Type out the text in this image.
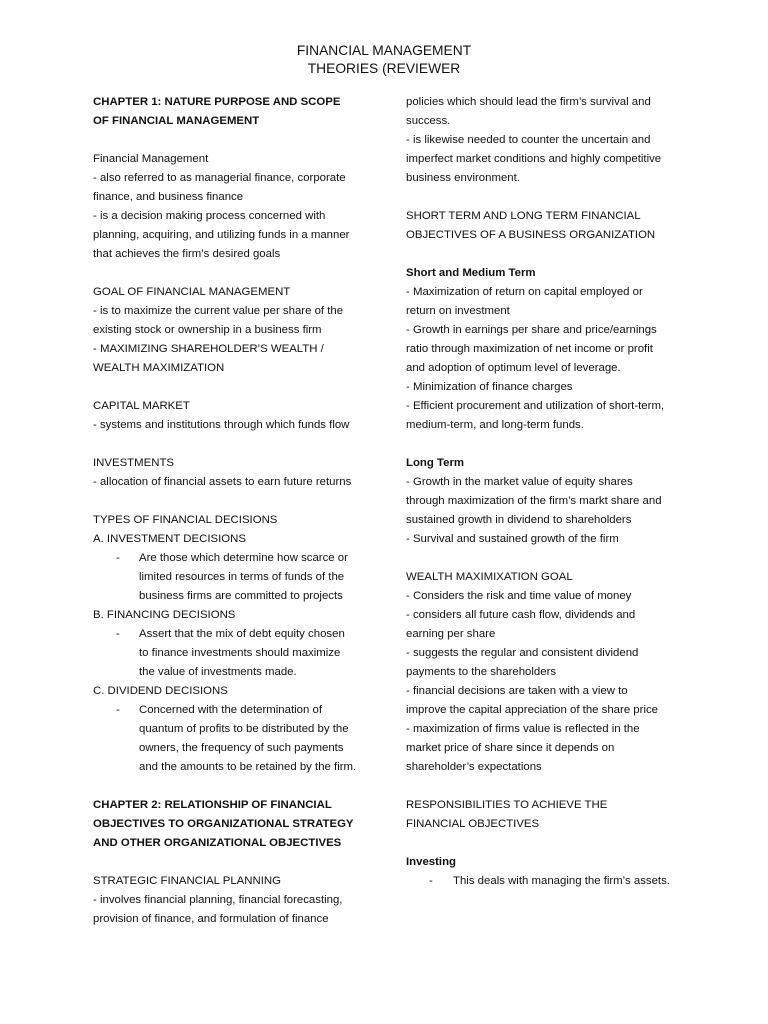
FINANCIAL MANAGEMENT
THEORIES (REVIEWER
CHAPTER 1: NATURE PURPOSE AND SCOPE
OF FINANCIAL MANAGEMENT
Financial Management
- also referred to as managerial finance, corporate
finance, and business finance
- is a decision making process concerned with
planning, acquiring, and utilizing funds in a manner
that achieves the firm’s desired goals
GOAL OF FINANCIAL MANAGEMENT
- is to maximize the current value per share of the
existing stock or ownership in a business firm
- MAXIMIZING SHAREHOLDER’S WEALTH /
WEALTH MAXIMIZATION
CAPITAL MARKET
- systems and institutions through which funds flow
INVESTMENTS
- allocation of financial assets to earn future returns
TYPES OF FINANCIAL DECISIONS
A. INVESTMENT DECISIONS
- Are those which determine how scarce or
limited resources in terms of funds of the
business firms are committed to projects
B. FINANCING DECISIONS
- Assert that the mix of debt equity chosen
to finance investments should maximize
the value of investments made.
C. DIVIDEND DECISIONS
- Concerned with the determination of
quantum of profits to be distributed by the
owners, the frequency of such payments
and the amounts to be retained by the firm.
CHAPTER 2: RELATIONSHIP OF FINANCIAL
OBJECTIVES TO ORGANIZATIONAL STRATEGY
AND OTHER ORGANIZATIONAL OBJECTIVES
STRATEGIC FINANCIAL PLANNING
- involves financial planning, financial forecasting,
provision of finance, and formulation of finance
policies which should lead the firm’s survival and
success.
- is likewise needed to counter the uncertain and
imperfect market conditions and highly competitive
business environment.
SHORT TERM AND LONG TERM FINANCIAL
OBJECTIVES OF A BUSINESS ORGANIZATION
Short and Medium Term
- Maximization of return on capital employed or
return on investment
- Growth in earnings per share and price/earnings
ratio through maximization of net income or profit
and adoption of optimum level of leverage.
- Minimization of finance charges
- Efficient procurement and utilization of short-term,
medium-term, and long-term funds.
Long Term
- Growth in the market value of equity shares
through maximization of the firm’s markt share and
sustained growth in dividend to shareholders
- Survival and sustained growth of the firm
WEALTH MAXIMIXATION GOAL
- Considers the risk and time value of money
- considers all future cash flow, dividends and
earning per share
- suggests the regular and consistent dividend
payments to the shareholders
- financial decisions are taken with a view to
improve the capital appreciation of the share price
- maximization of firms value is reflected in the
market price of share since it depends on
shareholder’s expectations
RESPONSIBILITIES TO ACHIEVE THE
FINANCIAL OBJECTIVES
Investing
- This deals with managing the firm’s assets.
